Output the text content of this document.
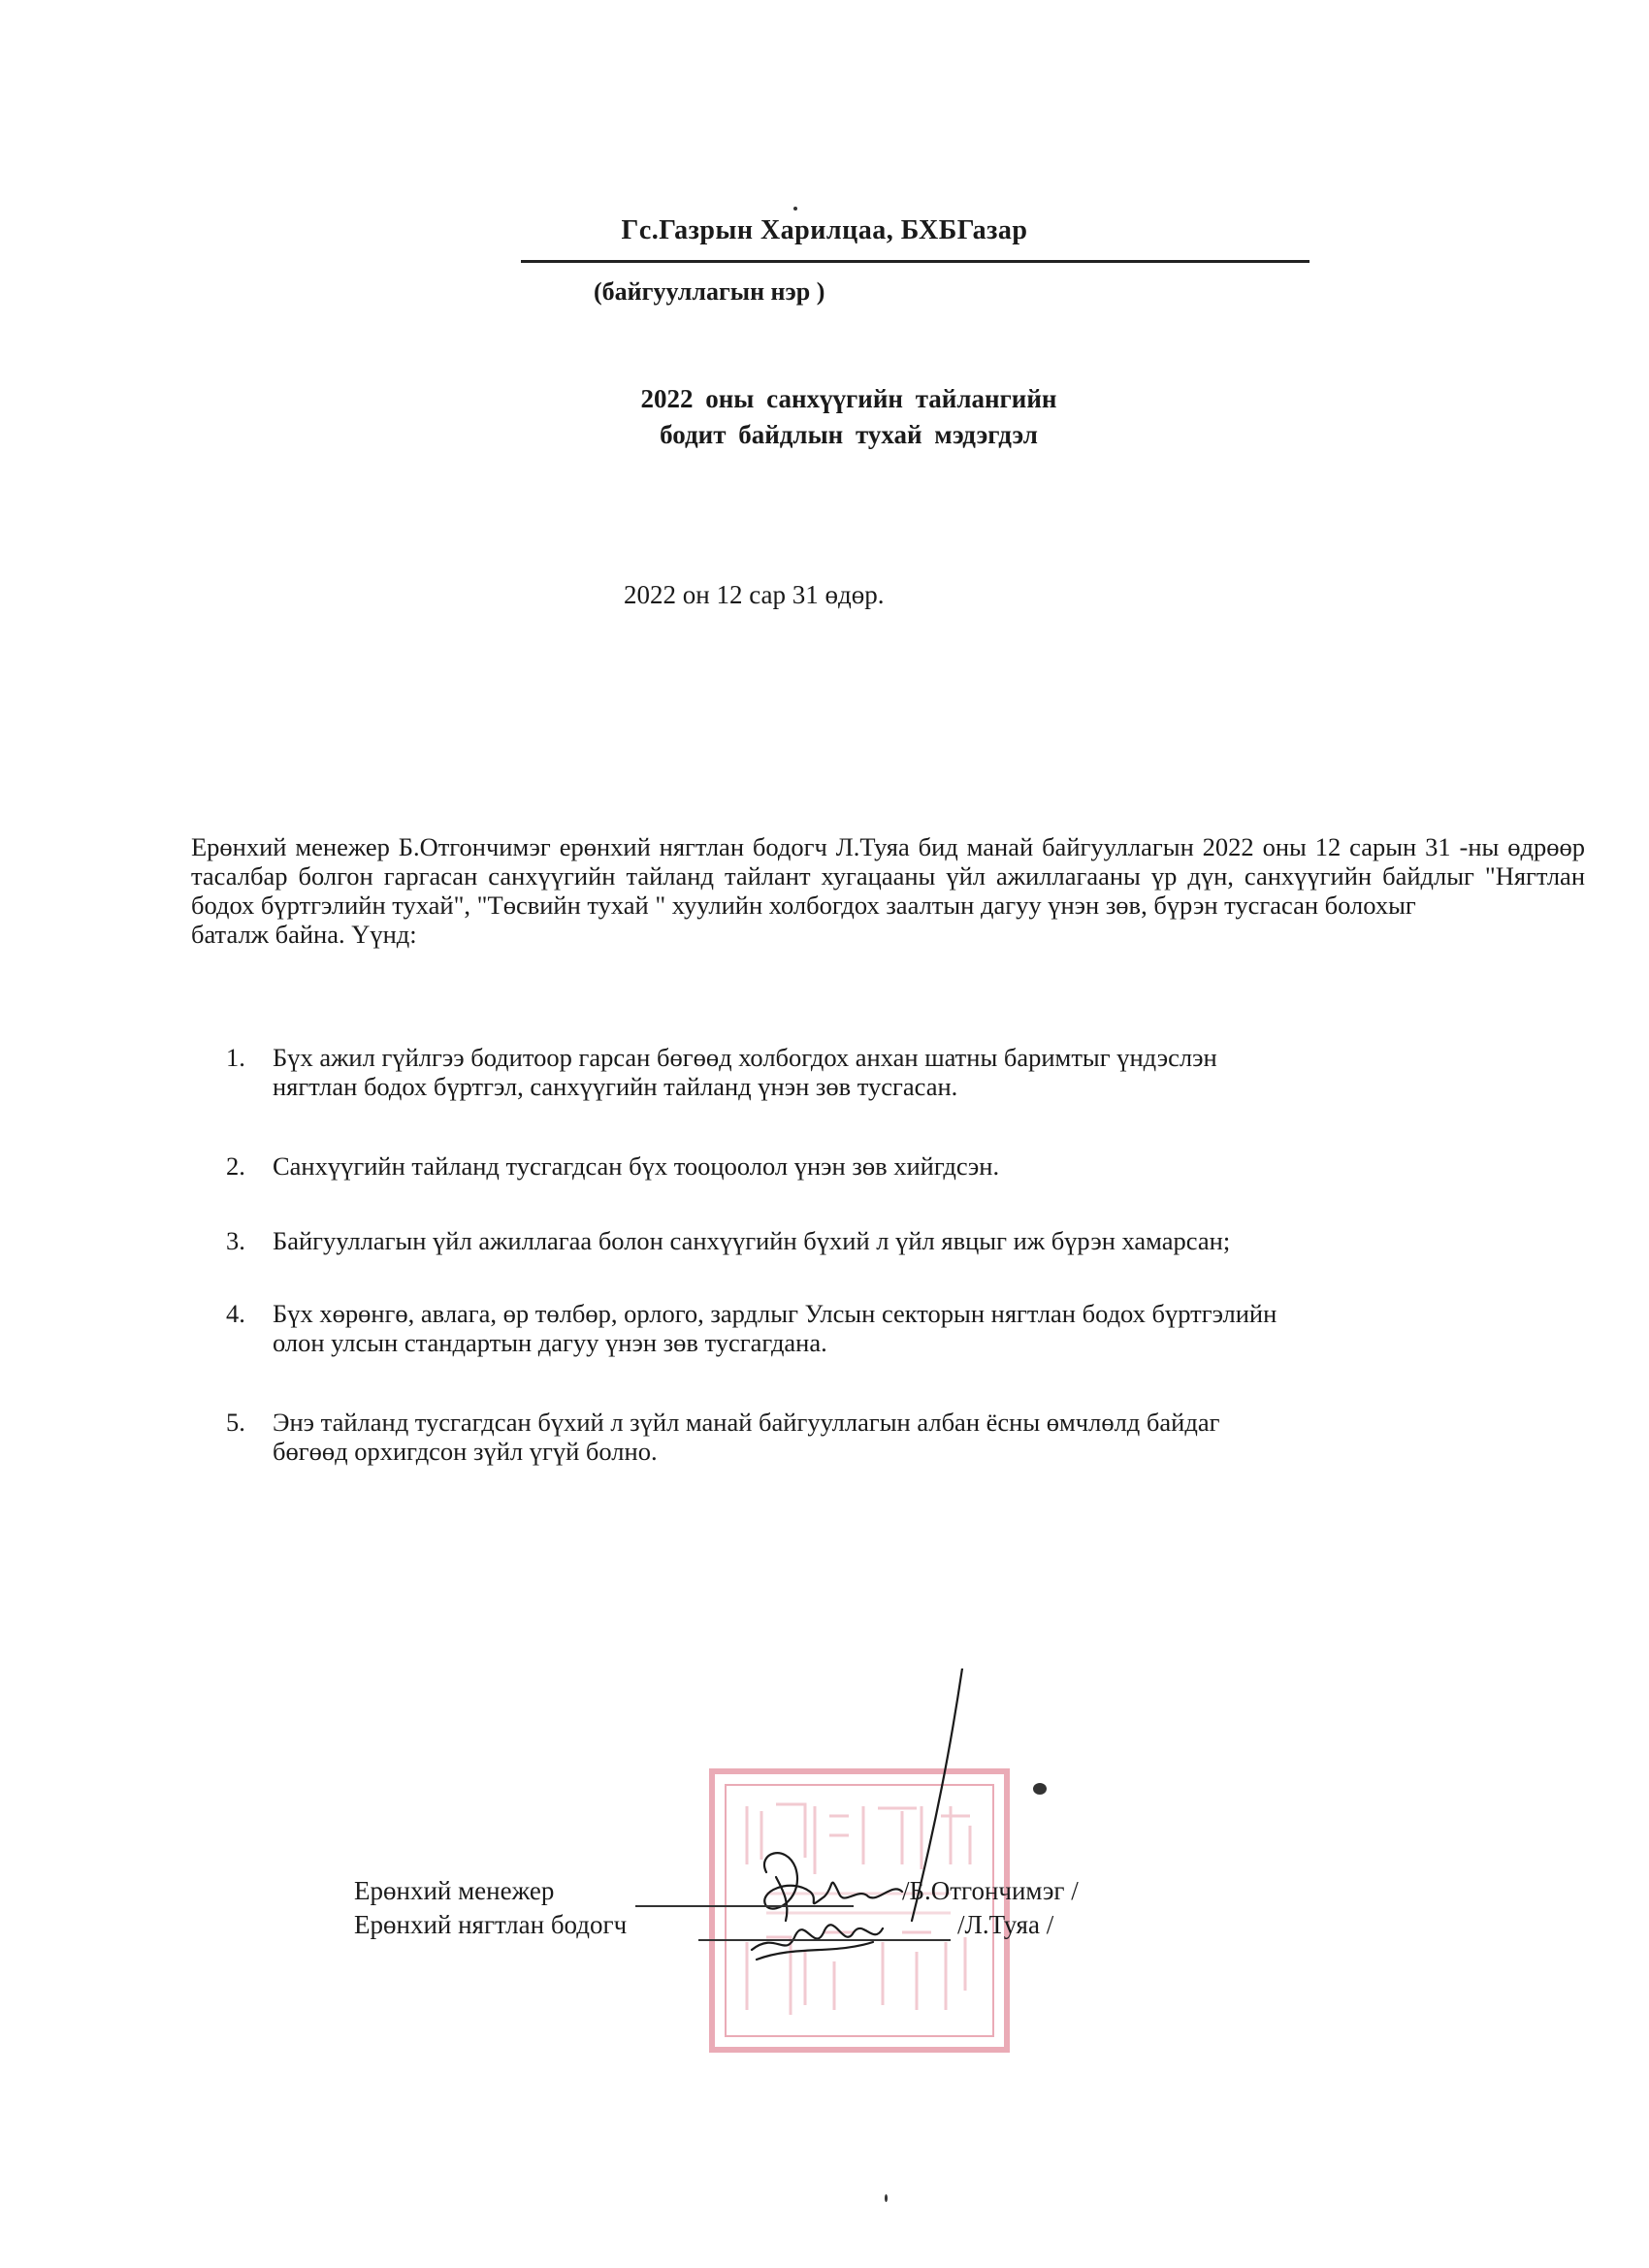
Гс.Газрын Харилцаа, БХБГазар
(байгууллагын нэр )
2022 оны санхүүгийн тайлангийн
бодит байдлын тухай мэдэгдэл
2022 он 12 сар 31 өдөр.

Ерөнхий менежер Б.Отгончимэг ерөнхий нягтлан бодогч Л.Туяа бид манай байгууллагын 2022 оны 12 сарын 31 -ны өдрөөр тасалбар болгон гаргасан санхүүгийн тайланд тайлант хугацааны үйл ажиллагааны үр дүн, санхүүгийн байдлыг "Нягтлан бодох бүртгэлийн тухай", "Төсвийн тухай " хуулийн холбогдох заалтын дагуу үнэн зөв, бүрэн тусгасан болохыг

баталж байна. Үүнд:

1. Бүх ажил гүйлгээ бодитоор гарсан бөгөөд холбогдох анхан шатны баримтыг үндэслэн
нягтлан бодох бүртгэл, санхүүгийн тайланд үнэн зөв тусгасан.
2. Санхүүгийн тайланд тусгагдсан бүх тооцоолол үнэн зөв хийгдсэн.
3. Байгууллагын үйл ажиллагаа болон санхүүгийн бүхий л үйл явцыг иж бүрэн хамарсан;
4. Бүх хөрөнгө, авлага, өр төлбөр, орлого, зардлыг Улсын секторын нягтлан бодох бүртгэлийн
олон улсын стандартын дагуу үнэн зөв тусгагдана.
5. Энэ тайланд тусгагдсан бүхий л зүйл манай байгууллагын албан ёсны өмчлөлд байдаг
бөгөөд орхигдсон зүйл үгүй болно.
Ерөнхий менежер	/Б.Отгончимэг /
Ерөнхий нягтлан бодогч	/Л.Туяа /
